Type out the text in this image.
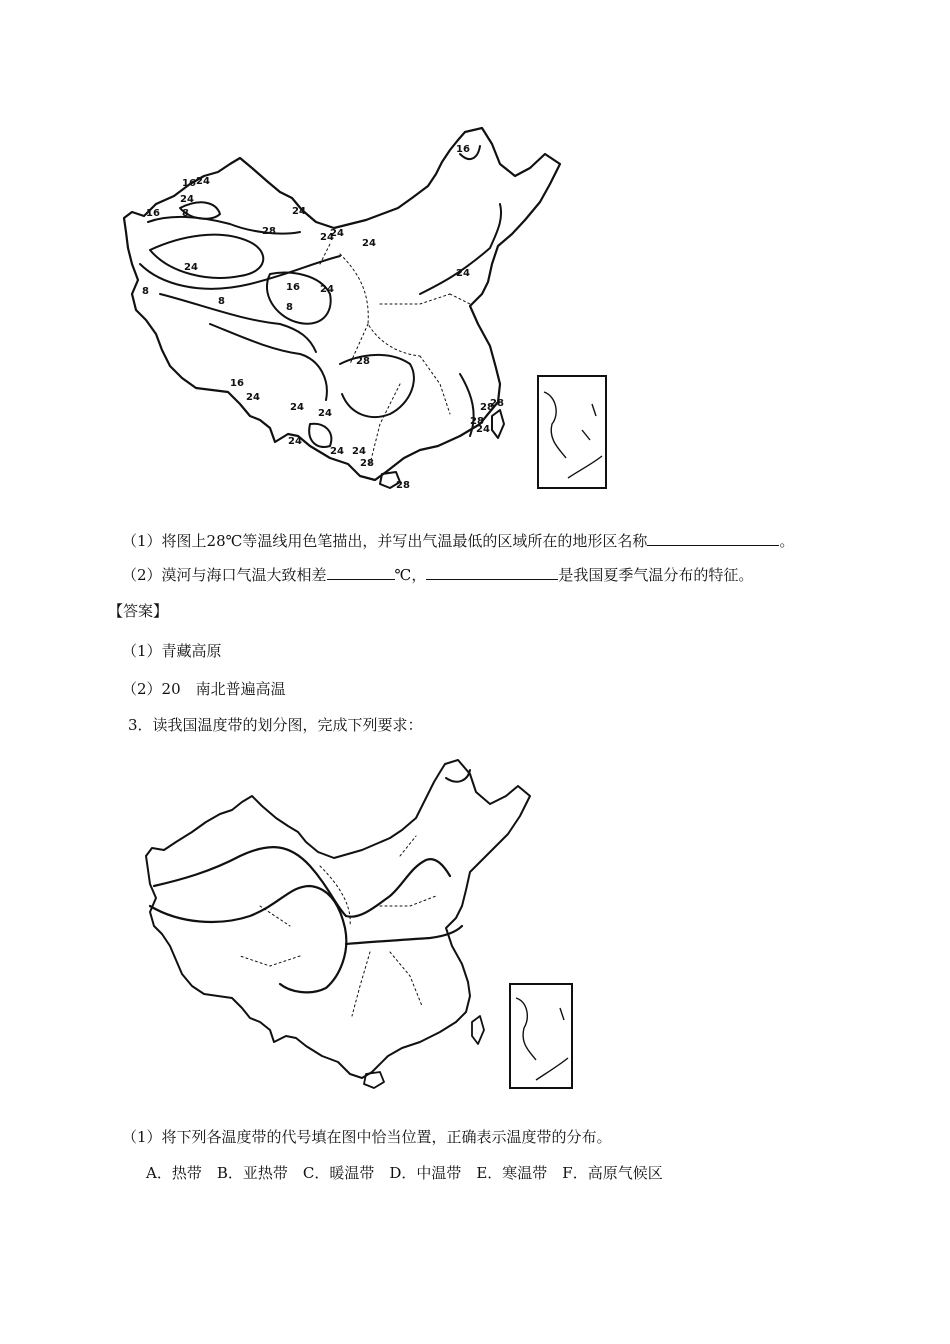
16
16 24
24
8
16	24
28
24
24
24
8
24
16
8
8
24
24
28
24
16
24
24
24
24 24
28
28
24
28
28
28
（1）将图上28℃等温线用色笔描出，并写出气温最低的区域所在的地形区名称	。
（2）漠河与海口气温大致相差	℃，	是我国夏季气温分布的特征。
【答案】
（1）青藏高原
（2）20　南北普遍高温
3．读我国温度带的划分图，完成下列要求：
（1）将下列各温度带的代号填在图中恰当位置，正确表示温度带的分布。
A．热带　B．亚热带　C．暖温带　D．中温带　E．寒温带　F．高原气候区
